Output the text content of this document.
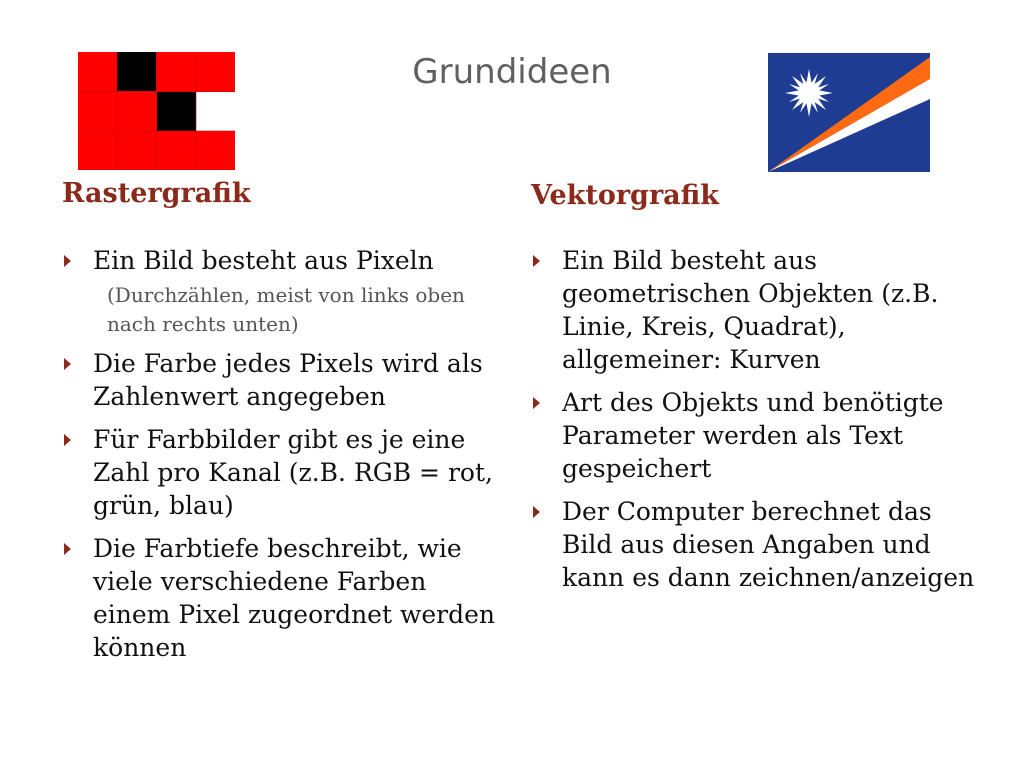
Grundideen
Rastergrafik	Vektorgrafik
Ein Bild besteht aus Pixeln
(Durchzählen, meist von links oben nach rechts unten)
Die Farbe jedes Pixels wird als Zahlenwert angegeben
Für Farbbilder gibt es je eine Zahl pro Kanal (z.B. RGB = rot, grün, blau)
Die Farbtiefe beschreibt, wie viele verschiedene Farben einem Pixel zugeordnet werden können
Ein Bild besteht aus geometrischen Objekten (z.B. Linie, Kreis, Quadrat), allgemeiner: Kurven
Art des Objekts und benötigte Parameter werden als Text gespeichert
Der Computer berechnet das Bild aus diesen Angaben und kann es dann zeichnen/anzeigen
